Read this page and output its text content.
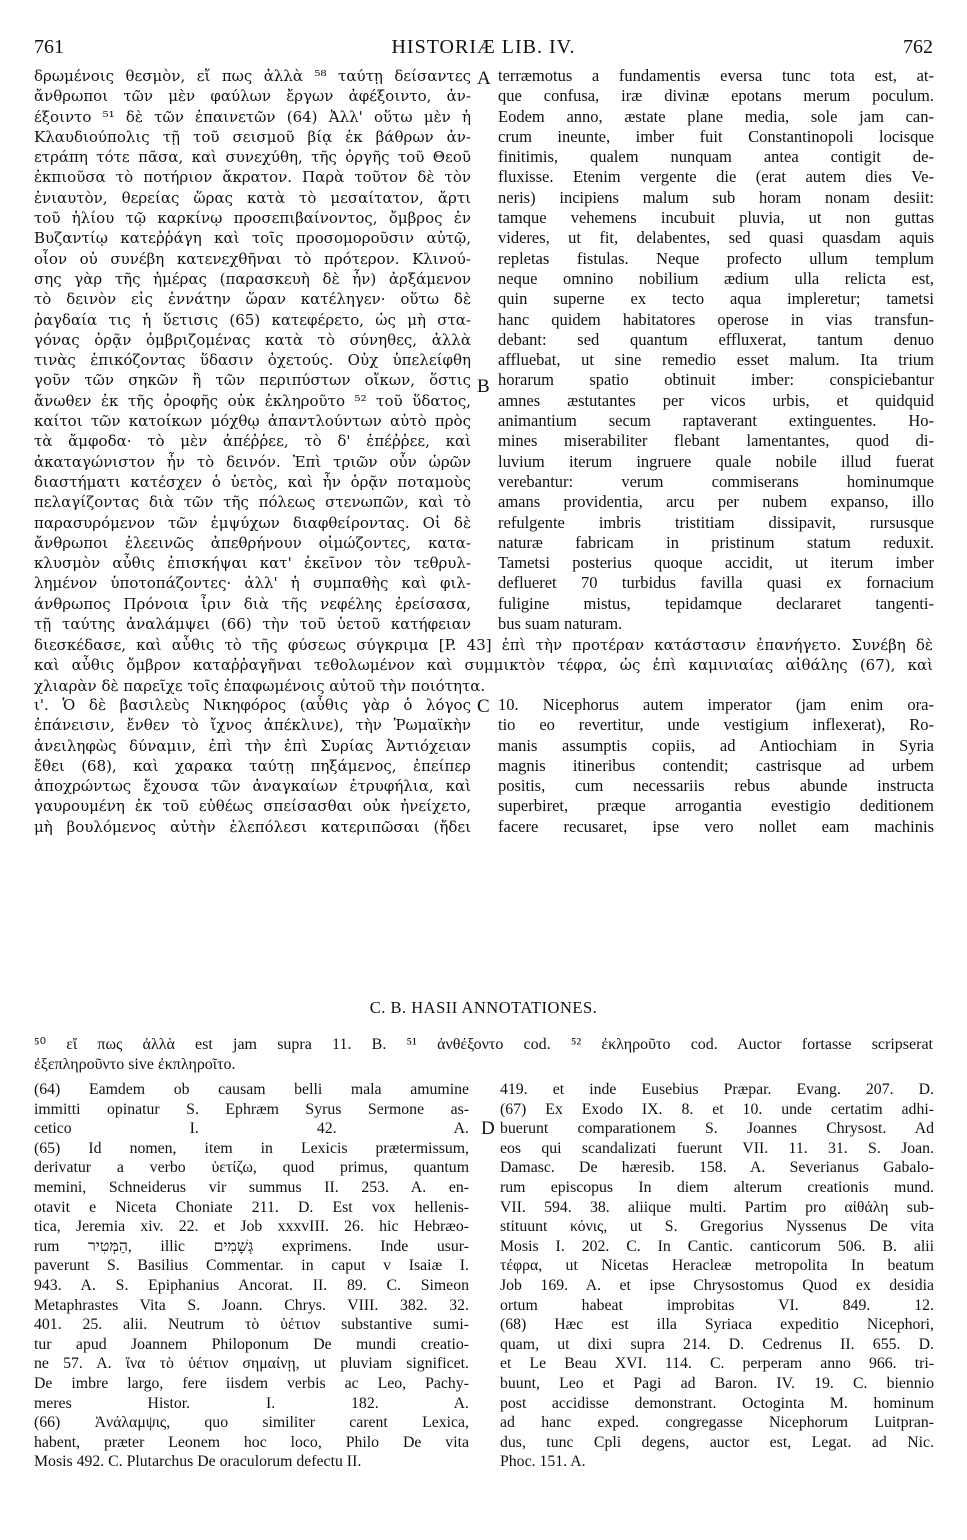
761	HISTORIÆ LIB. IV.	762
δρωμένοις θεσμὸν, εἴ πως ἀλλὰ ⁵⁸ ταύτῃ δείσαντες
ἄνθρωποι τῶν μὲν φαύλων ἔργων ἀφέξοιντο, ἀν-
έξοιντο ⁵¹ δὲ τῶν ἐπαινετῶν (64) Ἀλλ' οὕτω μὲν ἡ
Κλαυδιούπολις τῇ τοῦ σεισμοῦ βίᾳ ἐκ βάθρων ἀν-
ετράπη τότε πᾶσα, καὶ συνεχύθη, τῆς ὀργῆς τοῦ Θεοῦ
ἐκπιοῦσα τὸ ποτήριον ἄκρατον. Παρὰ τοῦτον δὲ τὸν
ἐνιαυτὸν, θερείας ὥρας κατὰ τὸ μεσαίτατον, ἄρτι
τοῦ ἡλίου τῷ καρκίνῳ προσεπιβαίνοντος, ὄμβρος ἐν
Βυζαντίῳ κατεῤῥάγη καὶ τοῖς προσομοροῦσιν αὐτῷ,
οἷον οὐ συνέβη κατενεχθῆναι τὸ πρότερον. Κλινού-
σης γὰρ τῆς ἡμέρας (παρασκευὴ δὲ ἦν) ἀρξάμενον
τὸ δεινὸν εἰς ἐννάτην ὥραν κατέληγεν· οὕτω δὲ
ῥαγδαία τις ἡ ὕετισις (65) κατεφέρετο, ὡς μὴ στα-
γόνας ὁρᾷν ὀμβριζομένας κατὰ τὸ σύνηθες, ἀλλὰ
τινὰς ἐπικόζοντας ὕδασιν ὀχετούς. Οὐχ ὑπελείφθη
γοῦν τῶν σηκῶν ἢ τῶν περιπύστων οἴκων, ὅστις
ἄνωθεν ἐκ τῆς ὀροφῆς οὐκ ἐκληροῦτο ⁵² τοῦ ὕδατος,
καίτοι τῶν κατοίκων μόχθῳ ἀπαντλούντων αὐτὸ πρὸς
τὰ ἄμφοδα· τὸ μὲν ἀπέῤῥεε, τὸ δ' ἐπέῤῥεε, καὶ
ἀκαταγώνιστον ἦν τὸ δεινόν. Ἐπὶ τριῶν οὖν ὡρῶν
διαστήματι κατέσχεν ὁ ὑετὸς, καὶ ἦν ὁρᾷν ποταμοὺς
πελαγίζοντας διὰ τῶν τῆς πόλεως στενωπῶν, καὶ τὸ
παρασυρόμενον τῶν ἐμψύχων διαφθείροντας. Οἱ δὲ
ἄνθρωποι ἐλεεινῶς ἀπεθρήνουν οἰμώζοντες, κατα-
κλυσμὸν αὖθις ἐπισκήψαι κατ' ἐκεῖνον τὸν τεθρυλ-
λημένον ὑποτοπάζοντες· ἀλλ' ἡ συμπαθὴς καὶ φιλ-
άνθρωπος Πρόνοια ἶριν διὰ τῆς νεφέλης ἐρείσασα,
τῇ ταύτης ἀναλάμψει (66) τὴν τοῦ ὑετοῦ κατήφειαν
A terræmotus a fundamentis eversa tunc tota est, at-
que confusa, iræ divinæ epotans merum poculum.
Eodem anno, æstate plane media, sole jam can-
crum ineunte, imber fuit Constantinopoli locisque
finitimis, qualem nunquam antea contigit de-
fluxisse. Etenim vergente die (erat autem dies Ve-
neris) incipiens malum sub horam nonam desiit:
tamque vehemens incubuit pluvia, ut non guttas
videres, ut fit, delabentes, sed quasi quasdam aquis
repletas fistulas. Neque profecto ullum templum
neque omnino nobilium ædium ulla relicta est,
quin superne ex tecto aqua impleretur; tametsi
hanc quidem habitatores operose in vias transfun-
debant: sed quantum effluxerat, tantum denuo
affluebat, ut sine remedio esset malum. Ita trium
horarum spatio obtinuit imber: conspiciebantur
amnes æstutantes per vicos urbis, et quidquid
animantium secum raptaverant extinguentes. Ho-
mines miserabiliter flebant lamentantes, quod di-
luvium iterum ingruere quale nobile illud fuerat
verebantur: verum commiserans hominumque
amans providentia, arcu per nubem expanso, illo
refulgente imbris tristitiam dissipavit, rursusque
naturæ fabricam in pristinum statum reduxit.
Tametsi posterius quoque accidit, ut iterum imber
deflueret 70 turbidus favilla quasi ex fornacium
fuligine mistus, tepidamque declararet tangenti-
bus suam naturam.
B
διεσκέδασε, καὶ αὖθις τὸ τῆς φύσεως σύγκριμα [P. 43] ἐπὶ τὴν προτέραν κατάστασιν ἐπανήγετο. Συνέβη δὲ
καὶ αὖθις ὄμβρον καταῤῥαγῆναι τεθολωμένον καὶ συμμικτὸν τέφρα, ὡς ἐπὶ καμινιαίας αἰθάλης (67), καὶ
χλιαρὰν δὲ παρεῖχε τοῖς ἐπαφωμένοις αὐτοῦ τὴν ποιότητα.
ι'. Ὁ δὲ βασιλεὺς Νικηφόρος (αὖθις γὰρ ὁ λόγος
ἐπάνεισιν, ἔνθεν τὸ ἴχνος ἀπέκλινε), τὴν Ῥωμαϊκὴν
ἀνειληφὼς δύναμιν, ἐπὶ τὴν ἐπὶ Συρίας Ἀντιόχειαν
ἔθει (68), καὶ χαρακα ταύτῃ πηξάμενος, ἐπείπερ
ἀποχρώντως ἔχουσα τῶν ἀναγκαίων ἐτρυφήλια, καὶ
γαυρουμένη ἐκ τοῦ εὐθέως σπείσασθαι οὐκ ἠνείχετο,
μὴ βουλόμενος αὐτὴν ἑλεπόλεσι κατεριπῶσαι (ἤδει
C 10. Nicephorus autem imperator (jam enim ora-
tio eo revertitur, unde vestigium inflexerat), Ro-
manis assumptis copiis, ad Antiochiam in Syria
magnis itineribus contendit; castrisque ad urbem
positis, cum necessariis rebus abunde instructa
superbiret, præque arrogantia evestigio deditionem
facere recusaret, ipse vero nollet eam machinis
C. B. HASII ANNOTATIONES.
⁵⁰ εἴ πως ἀλλὰ est jam supra 11. B. ⁵¹ ἀνθέξοντο cod. ⁵² ἐκληροῦτο cod. Auctor fortasse scripserat
ἐξεπληροῦντο sive ἐκπληροῖτο.
(64) Eamdem ob causam belli mala amumine
immitti opinatur S. Ephræm Syrus Sermone as-
cetico I. 42. A.
(65) Id nomen, item in Lexicis prætermissum,
derivatur a verbo ὑετίζω, quod primus, quantum
memini, Schneiderus vir summus II. 253. A. en-
otavit e Niceta Choniate 211. D. Est vox hellenis-
tica, Jeremia xiv. 22. et Job xxxvIII. 26. hic Hebræo-
rum הַמְּטִיר, illic גְּשָׁמִים exprimens. Inde usur-
paverunt S. Basilius Commentar. in caput v Isaiæ I.
943. A. S. Epiphanius Ancorat. II. 89. C. Simeon
Metaphrastes Vita S. Joann. Chrys. VIII. 382. 32.
401. 25. alii. Neutrum τὸ ὑέτιον substantive sumi-
tur apud Joannem Philoponum De mundi creatio-
ne 57. A. ἵνα τὸ ὑέτιον σημαίνῃ, ut pluviam significet.
De imbre largo, fere iisdem verbis ac Leo, Pachy-
meres Histor. I. 182. A.
(66) Ἀνάλαμψις, quo similiter carent Lexica,
habent, præter Leonem hoc loco, Philo De vita
Mosis 492. C. Plutarchus De oraculorum defectu II.
D
419. et inde Eusebius Præpar. Evang. 207. D.
(67) Ex Exodo IX. 8. et 10. unde certatim adhi-
buerunt comparationem S. Joannes Chrysost. Ad
eos qui scandalizati fuerunt VII. 11. 31. S. Joan.
Damasc. De hæresib. 158. A. Severianus Gabalo-
rum episcopus In diem alterum creationis mund.
VII. 594. 38. aliique multi. Partim pro αἰθάλη sub-
stituunt κόνις, ut S. Gregorius Nyssenus De vita
Mosis I. 202. C. In Cantic. canticorum 506. B. alii
τέφρα, ut Nicetas Heracleæ metropolita In beatum
Job 169. A. et ipse Chrysostomus Quod ex desidia
ortum habeat improbitas VI. 849. 12.
(68) Hæc est illa Syriaca expeditio Nicephori,
quam, ut dixi supra 214. D. Cedrenus II. 655. D.
et Le Beau XVI. 114. C. perperam anno 966. tri-
buunt, Leo et Pagi ad Baron. IV. 19. C. biennio
post accidisse demonstrant. Octoginta M. hominum
ad hanc exped. congregasse Nicephorum Luitpran-
dus, tunc Cpli degens, auctor est, Legat. ad Nic.
Phoc. 151. A.
